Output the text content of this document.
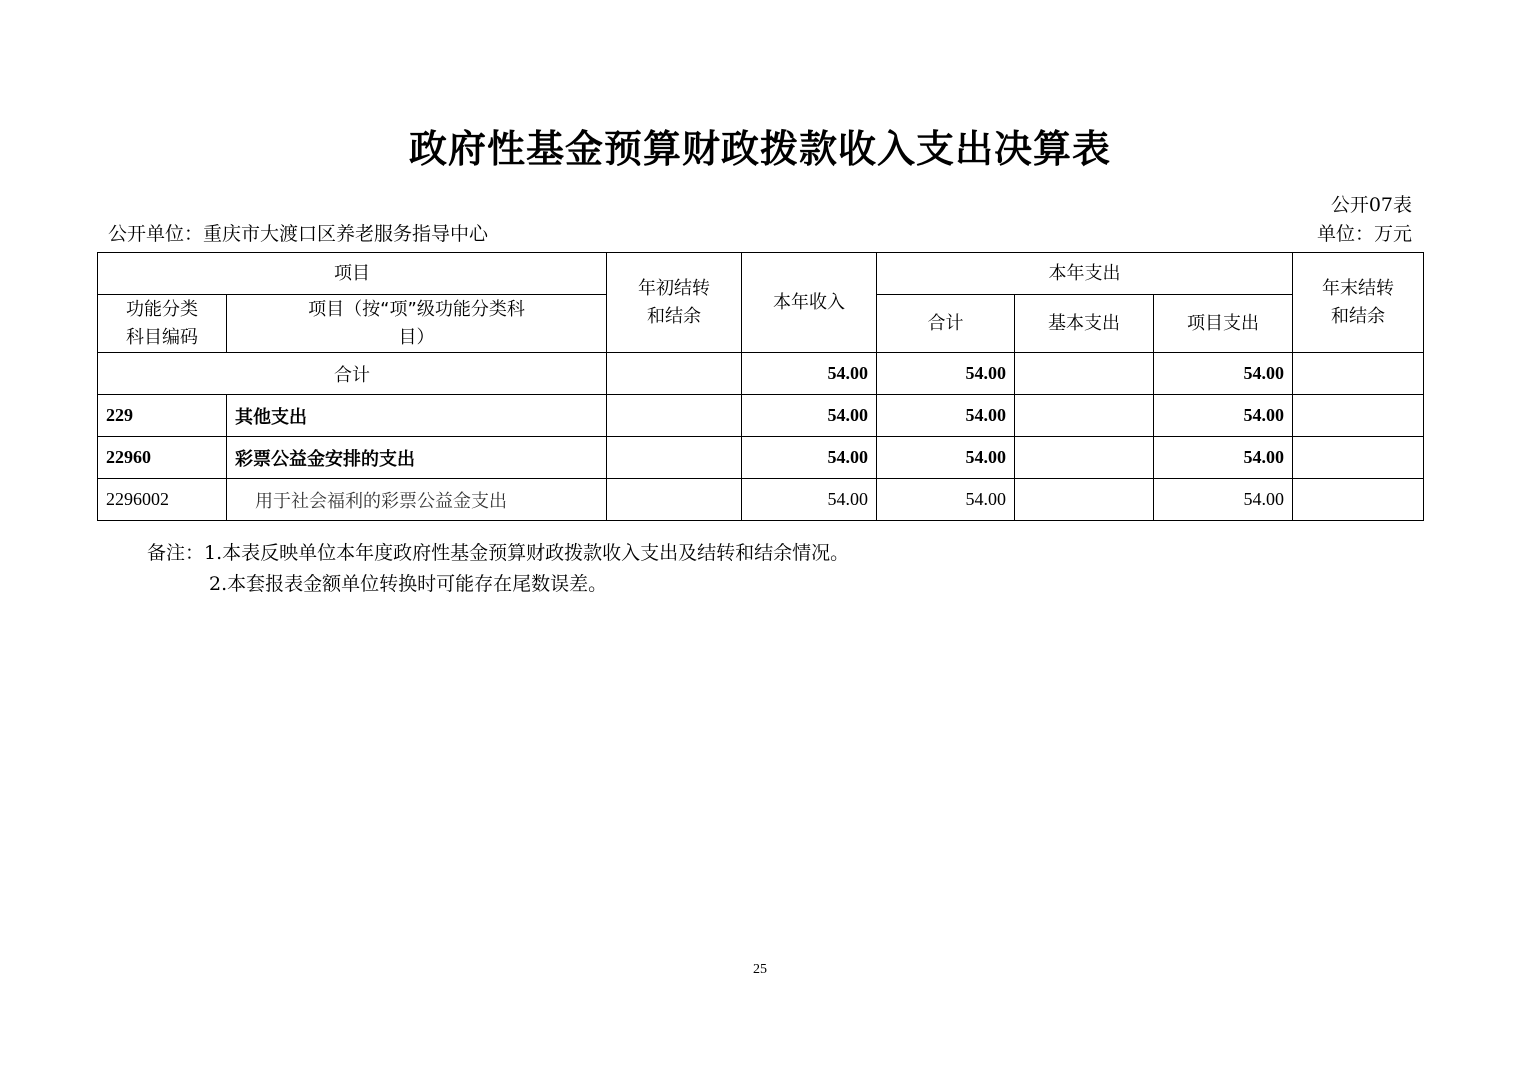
政府性基金预算财政拨款收入支出决算表
公开07表
公开单位：重庆市大渡口区养老服务指导中心	单位：万元
项目		年初结转和结余	本年收入	本年支出			年末结转和结余

功能分类科目编码	项目（按“项”级功能分类科目）			合计	基本支出	项目支出	
合计			54.00	54.00		54.00	
229	其他支出		54.00	54.00		54.00	
22960	彩票公益金安排的支出		54.00	54.00		54.00	
2296002	用于社会福利的彩票公益金支出		54.00	54.00		54.00	
备注：1.本表反映单位本年度政府性基金预算财政拨款收入支出及结转和结余情况。
2.本套报表金额单位转换时可能存在尾数误差。
25
